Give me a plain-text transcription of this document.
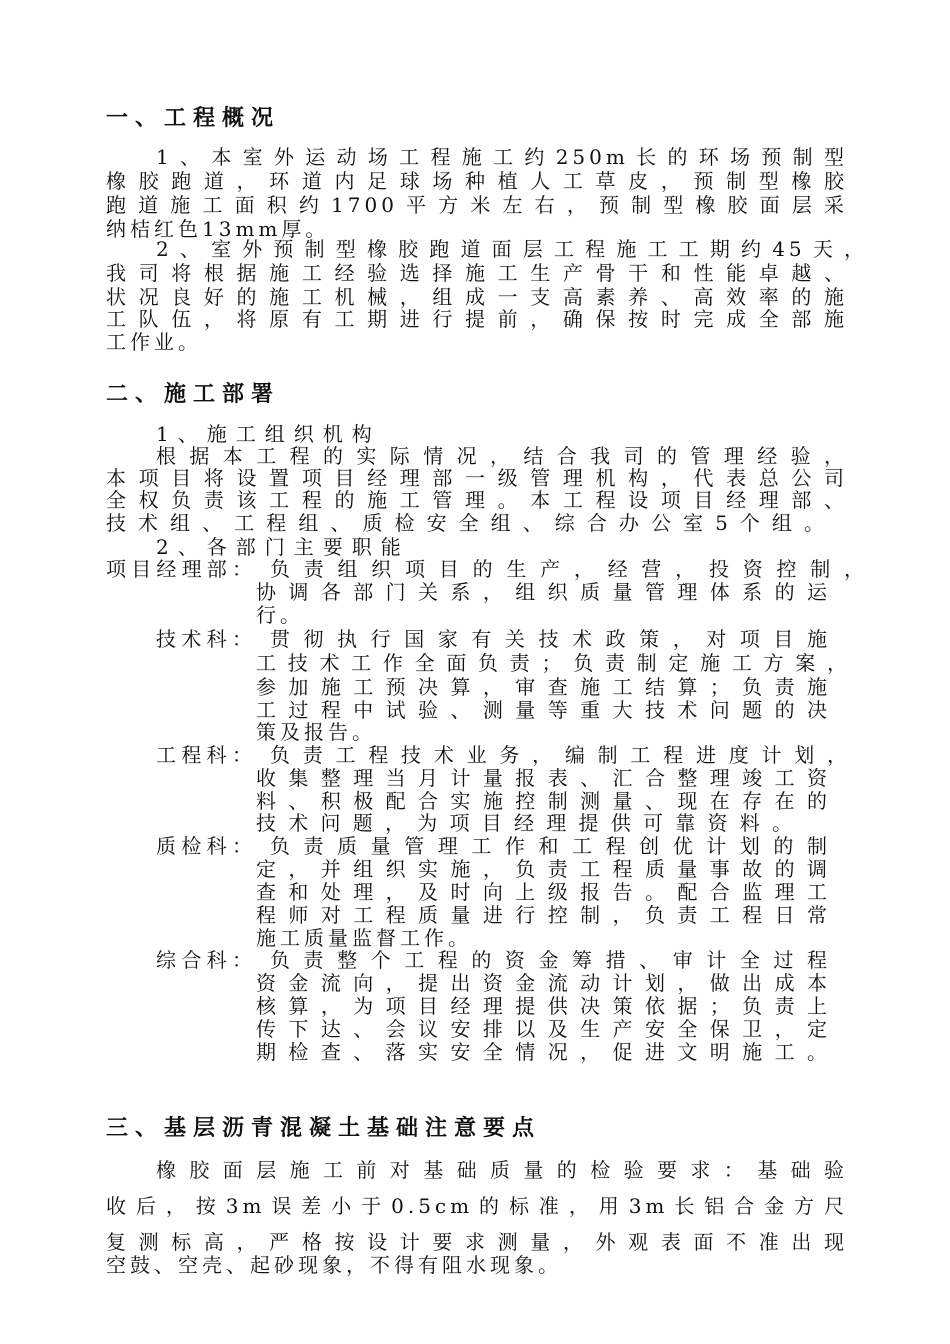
一、工程概况
1、本室外运动场工程施工约250m长的环场预制型
橡胶跑道，环道内足球场种植人工草皮，预制型橡胶
跑道施工面积约1700平方米左右，预制型橡胶面层采
纳桔红色13mm厚。
2、室外预制型橡胶跑道面层工程施工工期约45天，
我司将根据施工经验选择施工生产骨干和性能卓越、
状况良好的施工机械，组成一支高素养、高效率的施
工队伍，将原有工期进行提前，确保按时完成全部施
工作业。
二、施工部署
1、施工组织机构
根据本工程的实际情况，结合我司的管理经验，
本项目将设置项目经理部一级管理机构，代表总公司
全权负责该工程的施工管理。本工程设项目经理部、
技术组、工程组、质检安全组、综合办公室5个组。
2、各部门主要职能
项目经理部： 负责组织项目的生产，经营，投资控制，
协调各部门关系，组织质量管理体系的运
行。
技术科： 贯彻执行国家有关技术政策，对项目施
工技术工作全面负责；负责制定施工方案，
参加施工预决算，审查施工结算；负责施
工过程中试验、测量等重大技术问题的决
策及报告。
工程科： 负责工程技术业务，编制工程进度计划，
收集整理当月计量报表、汇合整理竣工资
料、积极配合实施控制测量、现在存在的
技术问题，为项目经理提供可靠资料。
质检科： 负责质量管理工作和工程创优计划的制
定，并组织实施，负责工程质量事故的调
查和处理，及时向上级报告。配合监理工
程师对工程质量进行控制，负责工程日常
施工质量监督工作。
综合科： 负责整个工程的资金筹措、审计全过程
资金流向，提出资金流动计划，做出成本
核算，为项目经理提供决策依据；负责上
传下达、会议安排以及生产安全保卫，定
期检查、落实安全情况，促进文明施工。
三、基层沥青混凝土基础注意要点
橡胶面层施工前对基础质量的检验要求：基础验
收后，按3m误差小于0.5cm的标准，用3m长铝合金方尺
复测标高，严格按设计要求测量，外观表面不准出现
空鼓、空壳、起砂现象，不得有阻水现象。
